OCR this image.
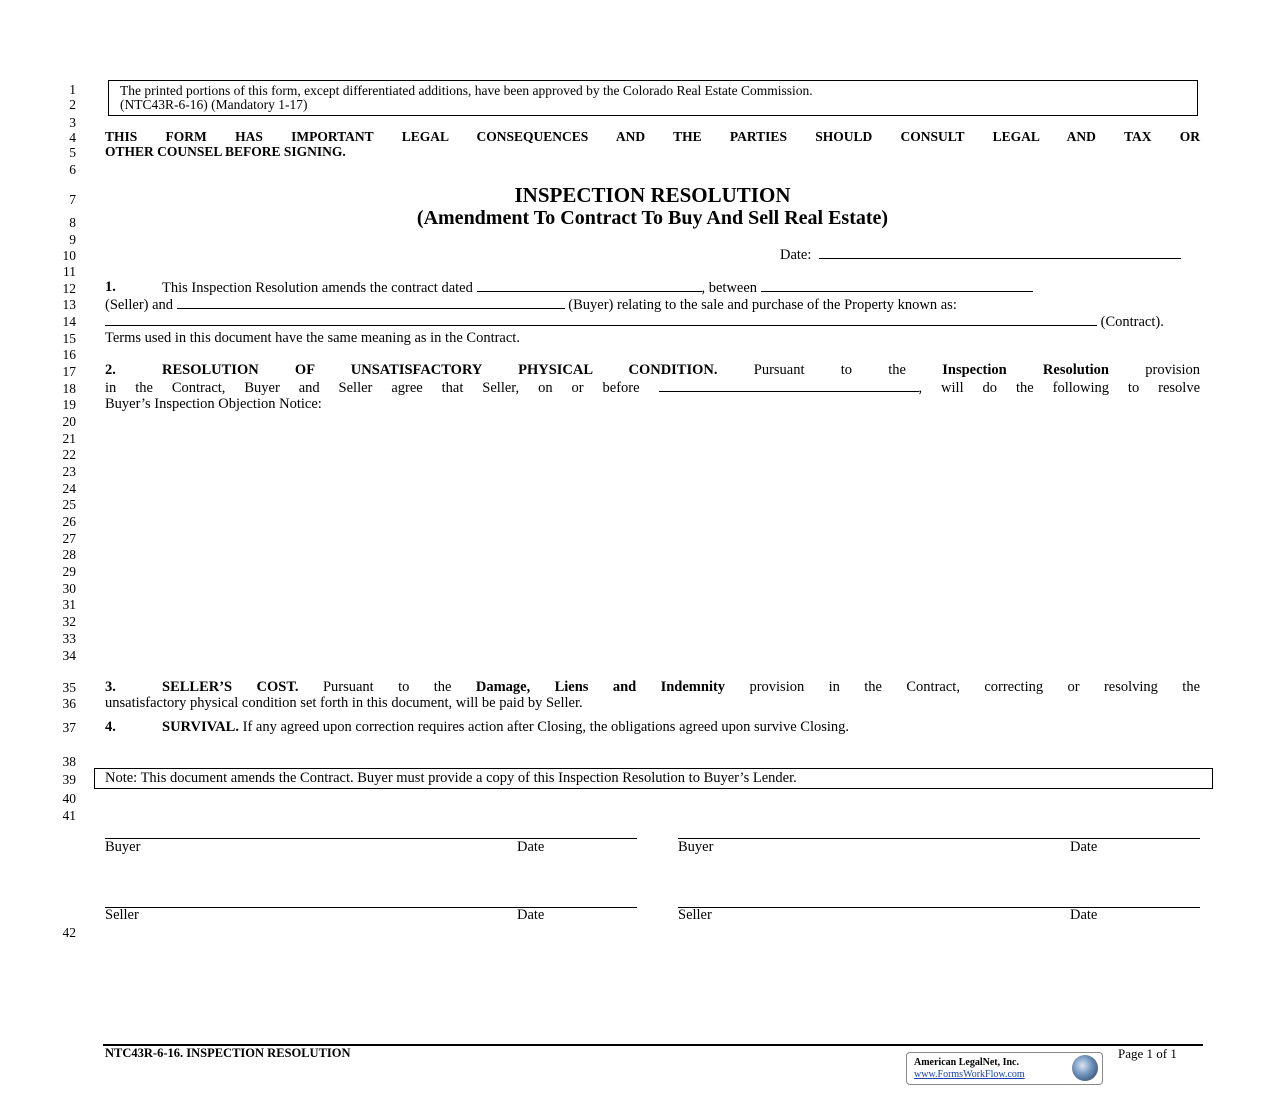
1
2
3
4
5
6
7
8
9
10
11
12
13
14
15
16
17
18
19
20
21
22
23
24
25
26
27
28
29
30
31
32
33
34
35
36
37
38
39
40
41
42
The printed portions of this form, except differentiated additions, have been approved by the Colorado Real Estate Commission.
(NTC43R-6-16) (Mandatory 1-17)
THIS FORM HAS IMPORTANT LEGAL CONSEQUENCES AND THE PARTIES SHOULD CONSULT LEGAL AND TAX OR
OTHER COUNSEL BEFORE SIGNING.
INSPECTION RESOLUTION
(Amendment To Contract To Buy And Sell Real Estate)
Date:
1.	This Inspection Resolution amends the contract dated	, between
(Seller) and	(Buyer) relating to the sale and purchase of the Property known as:
(Contract).
Terms used in this document have the same meaning as in the Contract.
2.	RESOLUTION OF UNSATISFACTORY PHYSICAL CONDITION.	Pursuant to the	Inspection Resolution	provision
in the Contract, Buyer and Seller agree that Seller, on or before	, will do the following to resolve
Buyer’s Inspection Objection Notice:
3.	SELLER’S COST. Pursuant to the Damage, Liens and Indemnity provision in the Contract, correcting or resolving the
unsatisfactory physical condition set forth in this document, will be paid by Seller.
4.	SURVIVAL. If any agreed upon correction requires action after Closing, the obligations agreed upon survive Closing.
Note: This document amends the Contract. Buyer must provide a copy of this Inspection Resolution to Buyer’s Lender.
Buyer	Date	Buyer	Date
Seller	Date	Seller	Date
NTC43R-6-16. INSPECTION RESOLUTION	Page 1 of 1
American LegalNet, Inc.
www.FormsWorkFlow.com
